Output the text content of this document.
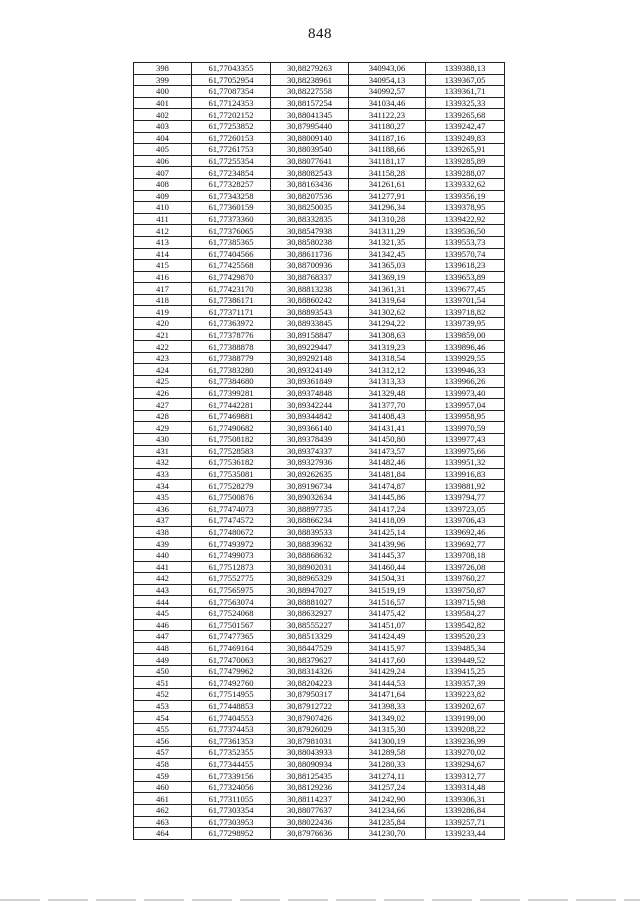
848
398	61,77043355	30,88279263	340943,06	1339388,13
399	61,77052954	30,88238961	340954,13	1339367,05
400	61,77087354	30,88227558	340992,57	1339361,71
401	61,77124353	30,88157254	341034,46	1339325,33
402	61,77202152	30,88041345	341122,23	1339265,68
403	61,77253852	30,87995440	341180,27	1339242,47
404	61,77260153	30,88009140	341187,16	1339249,83
405	61,77261753	30,88039540	341188,66	1339265,91
406	61,77255354	30,88077641	341181,17	1339285,89
407	61,77234854	30,88082543	341158,28	1339288,07
408	61,77328257	30,88163436	341261,61	1339332,62
409	61,77343258	30,88207536	341277,91	1339356,19
410	61,77360159	30,88250035	341296,34	1339378,95
411	61,77373360	30,88332835	341310,28	1339422,92
412	61,77376065	30,88547938	341311,29	1339536,50
413	61,77385365	30,88580238	341321,35	1339553,73
414	61,77404566	30,88611736	341342,45	1339570,74
415	61,77425568	30,88700936	341365,03	1339618,23
416	61,77429870	30,88768337	341369,19	1339653,89
417	61,77423170	30,88813238	341361,31	1339677,45
418	61,77386171	30,88860242	341319,64	1339701,54
419	61,77371171	30,88893543	341302,62	1339718,82
420	61,77363972	30,88933845	341294,22	1339739,95
421	61,77378776	30,89158847	341308,63	1339859,00
422	61,77388878	30,89229447	341319,23	1339896,46
423	61,77388779	30,89292148	341318,54	1339929,55
424	61,77383280	30,89324149	341312,12	1339946,33
425	61,77384680	30,89361849	341313,33	1339966,26
426	61,77399281	30,89374848	341329,48	1339973,40
427	61,77442281	30,89342244	341377,70	1339957,04
428	61,77469881	30,89344842	341408,43	1339958,95
429	61,77490682	30,89366140	341431,41	1339970,59
430	61,77508182	30,89378439	341450,80	1339977,43
431	61,77528583	30,89374337	341473,57	1339975,66
432	61,77536182	30,89327936	341482,46	1339951,32
433	61,77535081	30,89262635	341481,84	1339916,83
434	61,77528279	30,89196734	341474,87	1339881,92
435	61,77500876	30,89032634	341445,86	1339794,77
436	61,77474073	30,88897735	341417,24	1339723,05
437	61,77474572	30,88866234	341418,09	1339706,43
438	61,77480672	30,88839533	341425,14	1339692,46
439	61,77493972	30,88839632	341439,96	1339692,77
440	61,77499073	30,88868632	341445,37	1339708,18
441	61,77512873	30,88902031	341460,44	1339726,08
442	61,77552775	30,88965329	341504,31	1339760,27
443	61,77565975	30,88947027	341519,19	1339750,87
444	61,77563074	30,88881027	341516,57	1339715,98
445	61,77524068	30,88632927	341475,42	1339584,27
446	61,77501567	30,88555227	341451,07	1339542,82
447	61,77477365	30,88513329	341424,49	1339520,23
448	61,77469164	30,88447529	341415,97	1339485,34
449	61,77470063	30,88379627	341417,60	1339449,52
450	61,77479962	30,88314326	341429,24	1339415,25
451	61,77492760	30,88204223	341444,53	1339357,39
452	61,77514955	30,87950317	341471,64	1339223,82
453	61,77448853	30,87912722	341398,33	1339202,67
454	61,77404553	30,87907426	341349,02	1339199,00
455	61,77374453	30,87926029	341315,30	1339208,22
456	61,77361353	30,87981031	341300,19	1339236,99
457	61,77352355	30,88043933	341289,58	1339270,02
458	61,77344455	30,88090934	341280,33	1339294,67
459	61,77339156	30,88125435	341274,11	1339312,77
460	61,77324056	30,88129236	341257,24	1339314,48
461	61,77311055	30,88114237	341242,90	1339306,31
462	61,77303354	30,88077637	341234,66	1339286,84
463	61,77303953	30,88022436	341235,84	1339257,71
464	61,77298952	30,87976636	341230,70	1339233,44
